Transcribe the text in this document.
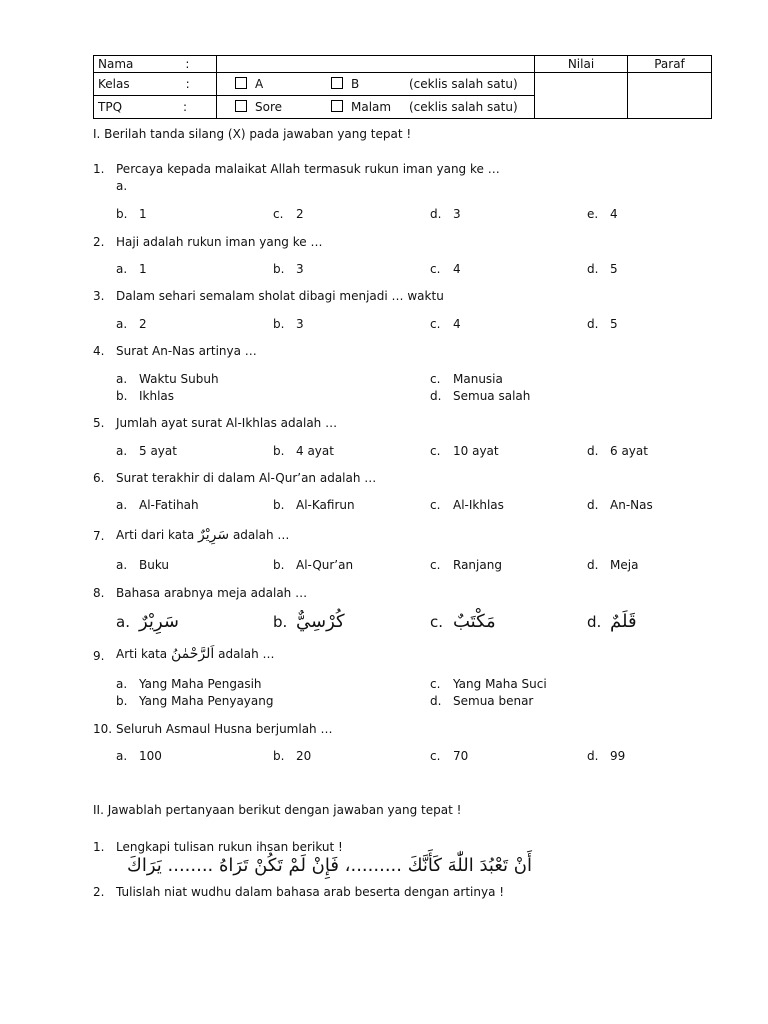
Nama :		Nilai	Paraf
Kelas :	A B (ceklis salah satu)		
TPQ :	Sore Malam (ceklis salah satu)		
I. Berilah tanda silang (X) pada jawaban yang tepat !
1. Percaya kepada malaikat Allah termasuk rukun iman yang ke …
a.
b. 1	c. 2	d. 3	e. 4
2. Haji adalah rukun iman yang ke …
a. 1	b. 3	c. 4	d. 5
3. Dalam sehari semalam sholat dibagi menjadi … waktu
a. 2	b. 3	c. 4	d. 5
4. Surat An-Nas artinya …
a. Waktu Subuh
b. Ikhlas
c. Manusia
d. Semua salah
5. Jumlah ayat surat Al-Ikhlas adalah …
a. 5 ayat	b. 4 ayat	c. 10 ayat	d. 6 ayat
6. Surat terakhir di dalam Al-Qur’an adalah …
a. Al-Fatihah	b. Al-Kafirun	c. Al-Ikhlas	d. An-Nas
7. Arti dari kata سَرِيْرٌ adalah …
a. Buku	b. Al-Qur’an	c. Ranjang	d. Meja
8. Bahasa arabnya meja adalah …
a. سَرِيْرٌ	b. كُرْسِيٌّ	c. مَكْتَبٌ	d. قَلَمٌ
9. Arti kata اَلرَّحْمٰنُ adalah …
a. Yang Maha Pengasih
b. Yang Maha Penyayang
c. Yang Maha Suci
d. Semua benar
10. Seluruh Asmaul Husna berjumlah …
a. 100	b. 20	c. 70	d. 99
II. Jawablah pertanyaan berikut dengan jawaban yang tepat !
1. Lengkapi tulisan rukun ihsan berikut !
أَنْ تَعْبُدَ اللّٰهَ كَأَنَّكَ .........، فَإِنْ لَمْ تَكُنْ تَرَاهُ ........ يَرَاكَ
2. Tulislah niat wudhu dalam bahasa arab beserta dengan artinya !
